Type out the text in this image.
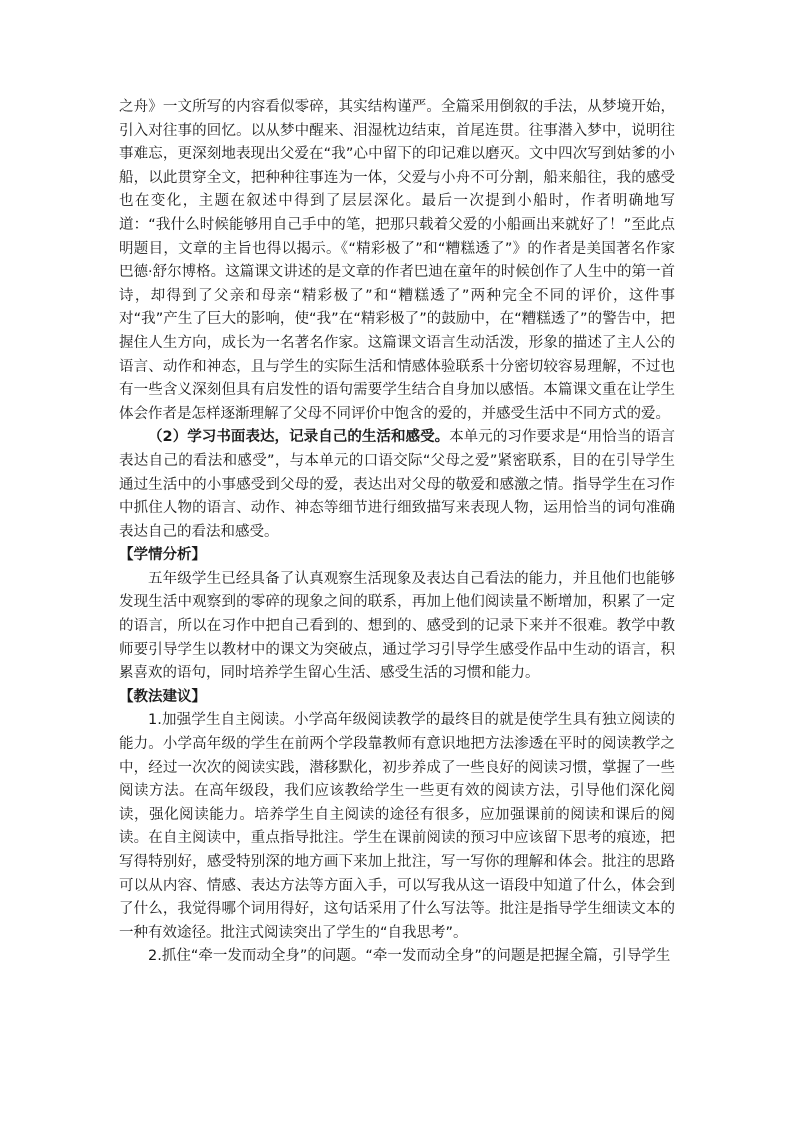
之舟》一文所写的内容看似零碎，其实结构谨严。全篇采用倒叙的手法，从梦境开始，引入对往事的回忆。以从梦中醒来、泪湿枕边结束，首尾连贯。往事潜入梦中，说明往事难忘，更深刻地表现出父爱在“我”心中留下的印记难以磨灭。文中四次写到姑爹的小船，以此贯穿全文，把种种往事连为一体，父爱与小舟不可分割，船来船往，我的感受也在变化，主题在叙述中得到了层层深化。最后一次提到小船时，作者明确地写道：“我什么时候能够用自己手中的笔，把那只载着父爱的小船画出来就好了！”至此点明题目，文章的主旨也得以揭示。《“精彩极了”和“糟糕透了”》的作者是美国著名作家巴德·舒尔博格。这篇课文讲述的是文章的作者巴迪在童年的时候创作了人生中的第一首诗，却得到了父亲和母亲“精彩极了”和“糟糕透了”两种完全不同的评价，这件事对“我”产生了巨大的影响，使“我”在“精彩极了”的鼓励中，在“糟糕透了”的警告中，把握住人生方向，成长为一名著名作家。这篇课文语言生动活泼，形象的描述了主人公的语言、动作和神态，且与学生的实际生活和情感体验联系十分密切较容易理解，不过也有一些含义深刻但具有启发性的语句需要学生结合自身加以感悟。本篇课文重在让学生体会作者是怎样逐渐理解了父母不同评价中饱含的爱的，并感受生活中不同方式的爱。

（2）学习书面表达，记录自己的生活和感受。本单元的习作要求是“用恰当的语言表达自己的看法和感受”，与本单元的口语交际“父母之爱”紧密联系，目的在引导学生通过生活中的小事感受到父母的爱，表达出对父母的敬爱和感激之情。指导学生在习作中抓住人物的语言、动作、神态等细节进行细致描写来表现人物，运用恰当的词句准确表达自己的看法和感受。

【学情分析】

五年级学生已经具备了认真观察生活现象及表达自己看法的能力，并且他们也能够发现生活中观察到的零碎的现象之间的联系，再加上他们阅读量不断增加，积累了一定的语言，所以在习作中把自己看到的、想到的、感受到的记录下来并不很难。教学中教师要引导学生以教材中的课文为突破点，通过学习引导学生感受作品中生动的语言，积累喜欢的语句，同时培养学生留心生活、感受生活的习惯和能力。

【教法建议】

1.加强学生自主阅读。小学高年级阅读教学的最终目的就是使学生具有独立阅读的能力。小学高年级的学生在前两个学段靠教师有意识地把方法渗透在平时的阅读教学之中，经过一次次的阅读实践，潜移默化，初步养成了一些良好的阅读习惯，掌握了一些阅读方法。在高年级段，我们应该教给学生一些更有效的阅读方法，引导他们深化阅读，强化阅读能力。培养学生自主阅读的途径有很多，应加强课前的阅读和课后的阅读。在自主阅读中，重点指导批注。学生在课前阅读的预习中应该留下思考的痕迹，把写得特别好，感受特别深的地方画下来加上批注，写一写你的理解和体会。批注的思路可以从内容、情感、表达方法等方面入手，可以写我从这一语段中知道了什么，体会到了什么，我觉得哪个词用得好，这句话采用了什么写法等。批注是指导学生细读文本的一种有效途径。批注式阅读突出了学生的“自我思考”。

2.抓住“牵一发而动全身”的问题。“牵一发而动全身”的问题是把握全篇，引导学生
